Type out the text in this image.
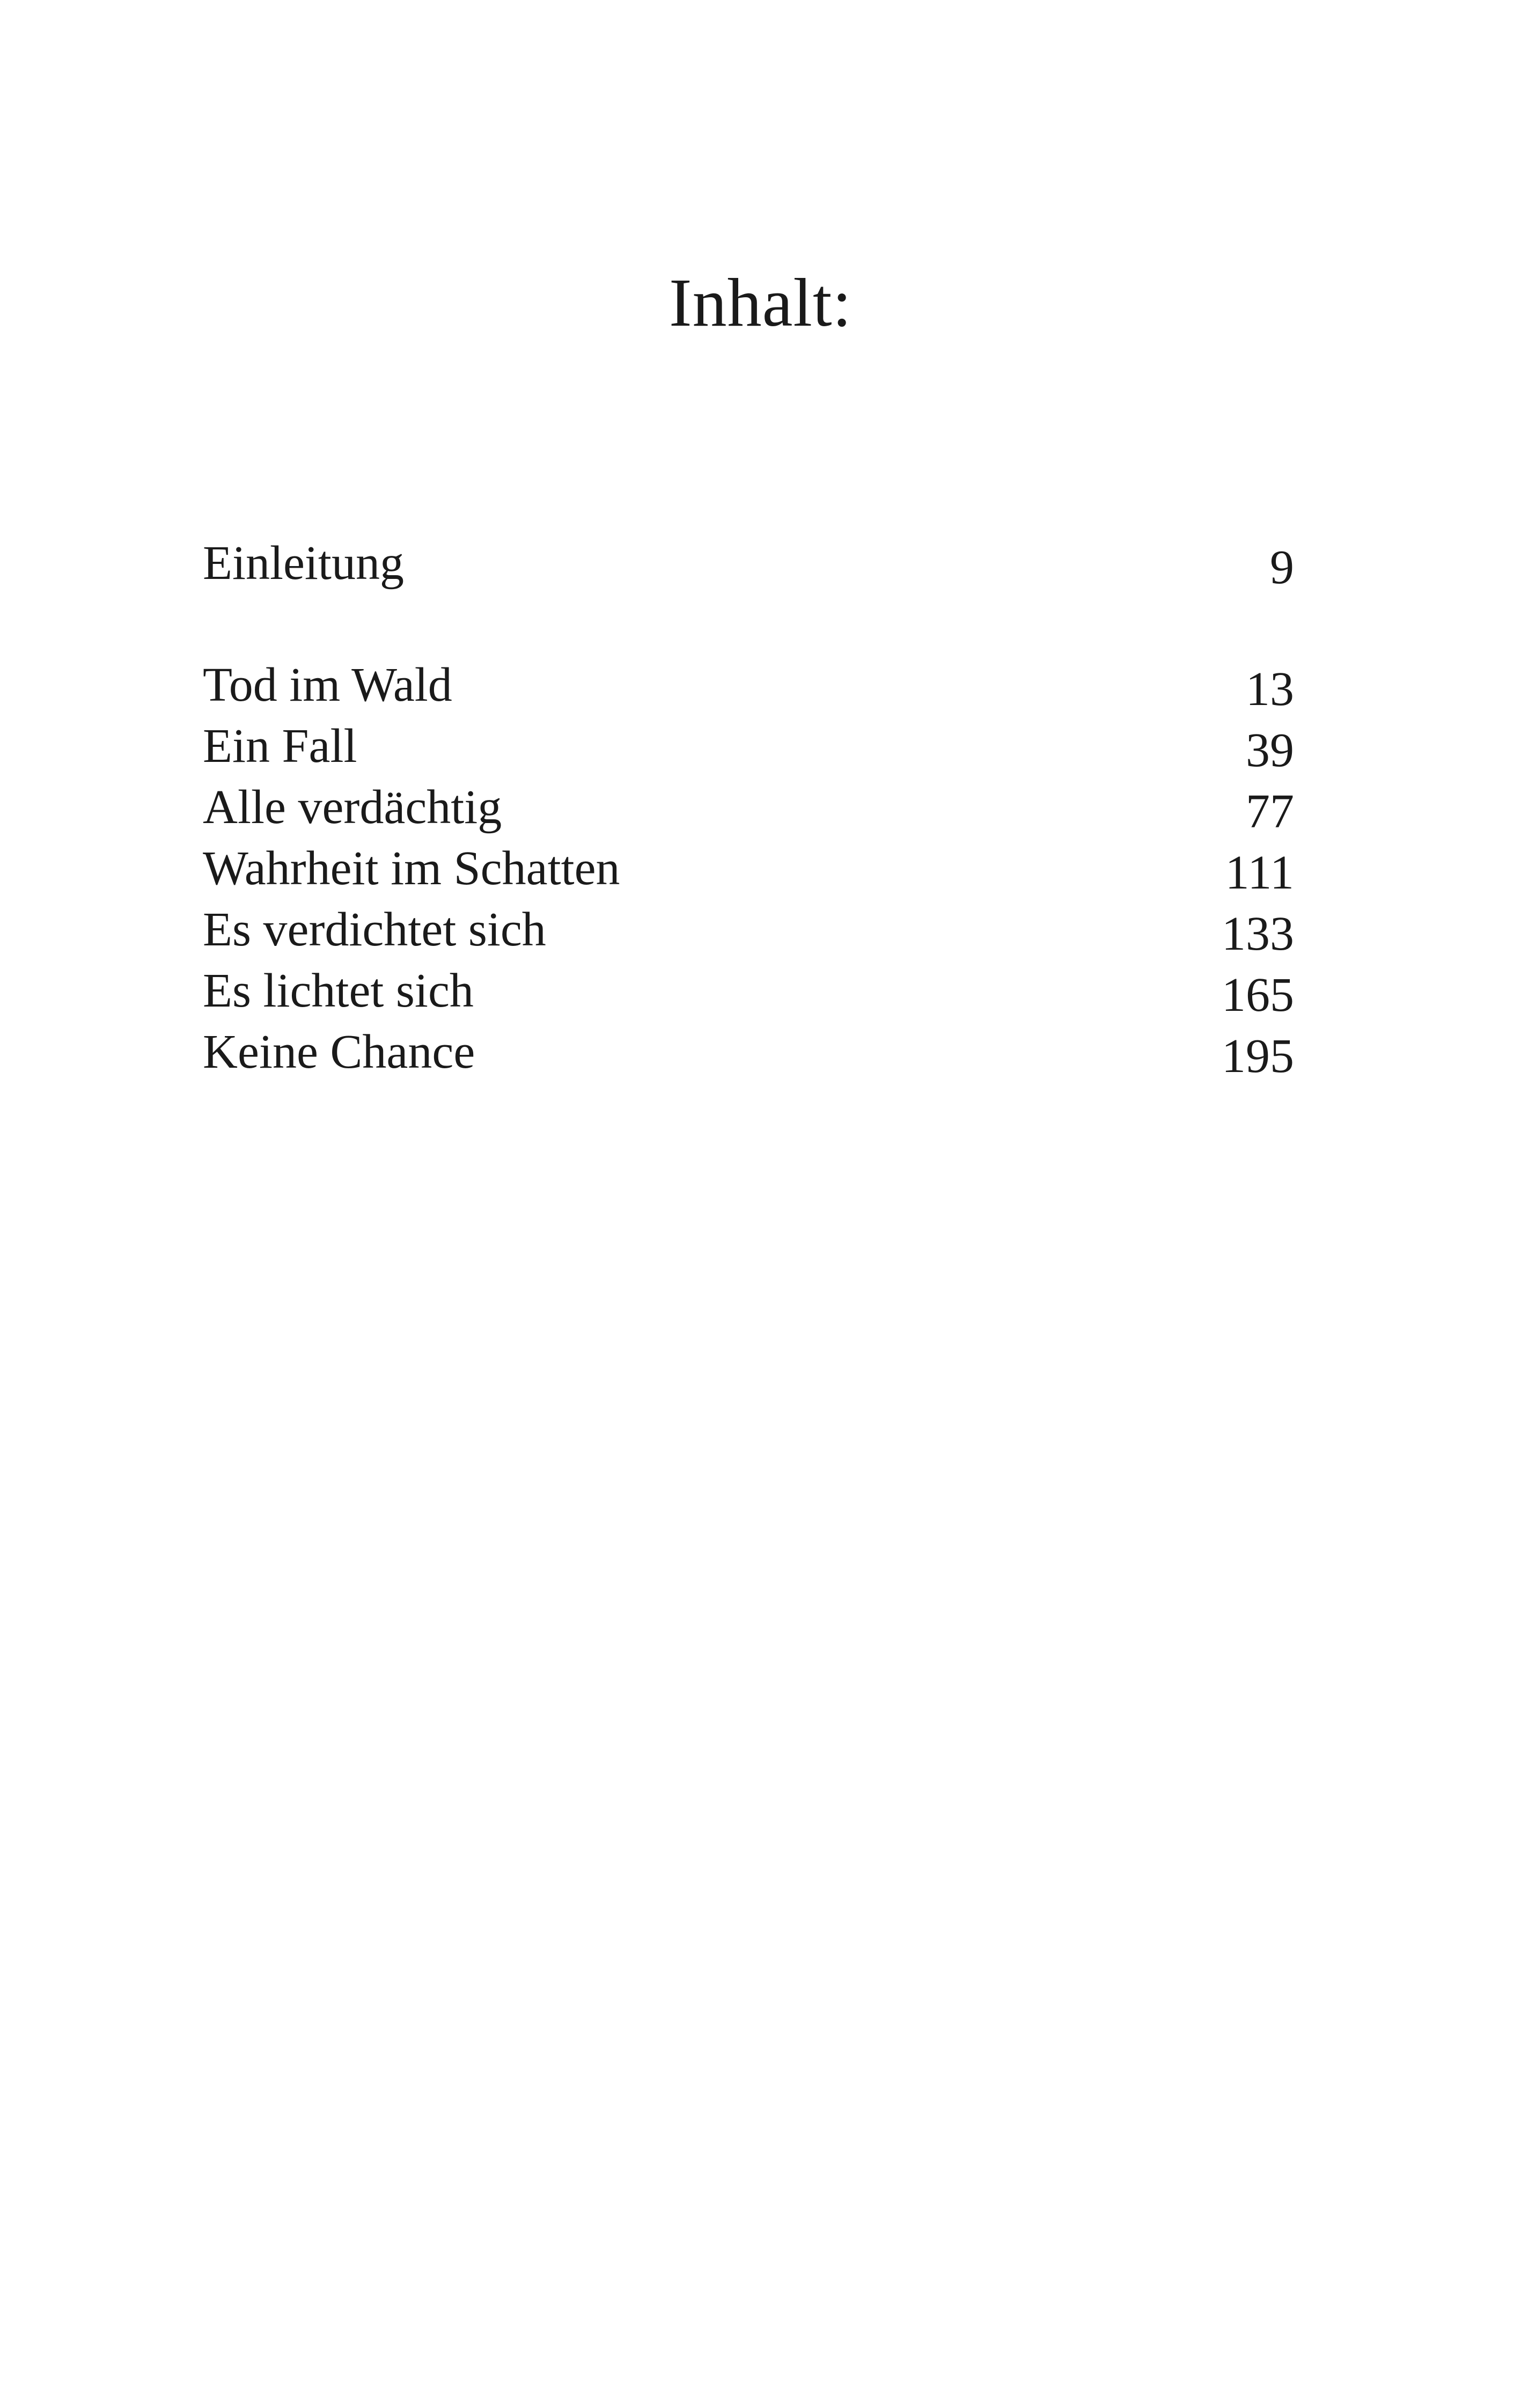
Inhalt:
Einleitung	9
Tod im Wald	13
Ein Fall	39
Alle verdächtig	77
Wahrheit im Schatten	111
Es verdichtet sich	133
Es lichtet sich	165
Keine Chance	195
